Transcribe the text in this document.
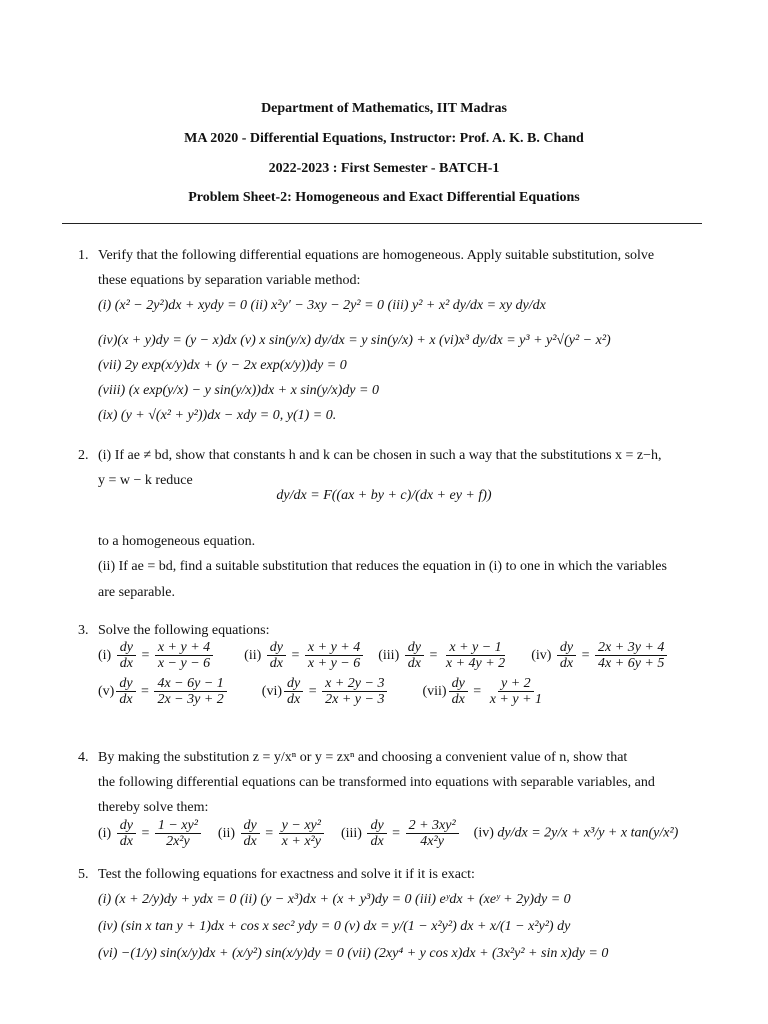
Department of Mathematics, IIT Madras
MA 2020 - Differential Equations, Instructor: Prof. A. K. B. Chand
2022-2023 : First Semester - BATCH-1
Problem Sheet-2: Homogeneous and Exact Differential Equations
1. Verify that the following differential equations are homogeneous. Apply suitable substitution, solve
these equations by separation variable method:
(i) (x² − 2y²)dx + xydy = 0 (ii) x²y′ − 3xy − 2y² = 0 (iii) y² + x² dy/dx = xy dy/dx
(iv)(x + y)dy = (y − x)dx (v) x sin(y/x) dy/dx = y sin(y/x) + x (vi)x³ dy/dx = y³ + y²√(y² − x²)
(vii) 2y exp(x/y)dx + (y − 2x exp(x/y))dy = 0
(viii) (x exp(y/x) − y sin(y/x))dx + x sin(y/x)dy = 0
(ix) (y + √(x² + y²))dx − xdy = 0, y(1) = 0.
2. (i) If ae ≠ bd, show that constants h and k can be chosen in such a way that the substitutions x = z−h,
y = w − k reduce
dy/dx = F((ax + by + c)/(dx + ey + f))
to a homogeneous equation.
(ii) If ae = bd, find a suitable substitution that reduces the equation in (i) to one in which the variables
are separable.
3. Solve the following equations:
$(i) \frac{dy}{dx} = \frac{x + y + 4}{x - y - 6} (ii) \frac{dy}{dx} = \frac{x + y + 4}{x + y - 6} (iii) \frac{dy}{dx} = \frac{x + y - 1}{x + 4y + 2} (iv) \frac{dy}{dx} = \frac{2x + 3y + 4}{4x + 6y + 5}$
$(v) \frac{dy}{dx} = \frac{4x - 6y - 1}{2x - 3y + 2}$	$(vi) \frac{dy}{dx} = \frac{x + 2y - 3}{2x + y - 3}$	$(vii) \frac{dy}{dx} = \frac{y + 2}{x + y + 1}$
4. By making the substitution z = y/xⁿ or y = zxⁿ and choosing a convenient value of n, show that
the following differential equations can be transformed into equations with separable variables, and
thereby solve them:
$(i) \frac{dy}{dx} = \frac{\text{1 − xy²}}{\text{2x²y}} (ii) \frac{dy}{dx} = \frac{\text{y − xy²}}{\text{x + x²y}} (iii) \frac{dy}{dx} = \frac{\text{2 + 3xy²}}{\text{4x²y}} (iv) dy/dx = 2y/x + x^3/y + x$ tan(y/x²)
5. Test the following equations for exactness and solve it if it is exact:
(i) (x + 2/y)dy + ydx = 0 (ii) (y − x³)dx + (x + y³)dy = 0 (iii) eʸdx + (xeʸ + 2y)dy = 0
(iv) (sin x tan y + 1)dx + cos x sec² ydy = 0 (v) dx = y/(1 − x²y²) dx + x/(1 − x²y²) dy
(vi) −(1/y) sin(x/y)dx + (x/y²) sin(x/y)dy = 0 (vii) (2xy⁴ + y cos x)dx + (3x²y² + sin x)dy = 0
